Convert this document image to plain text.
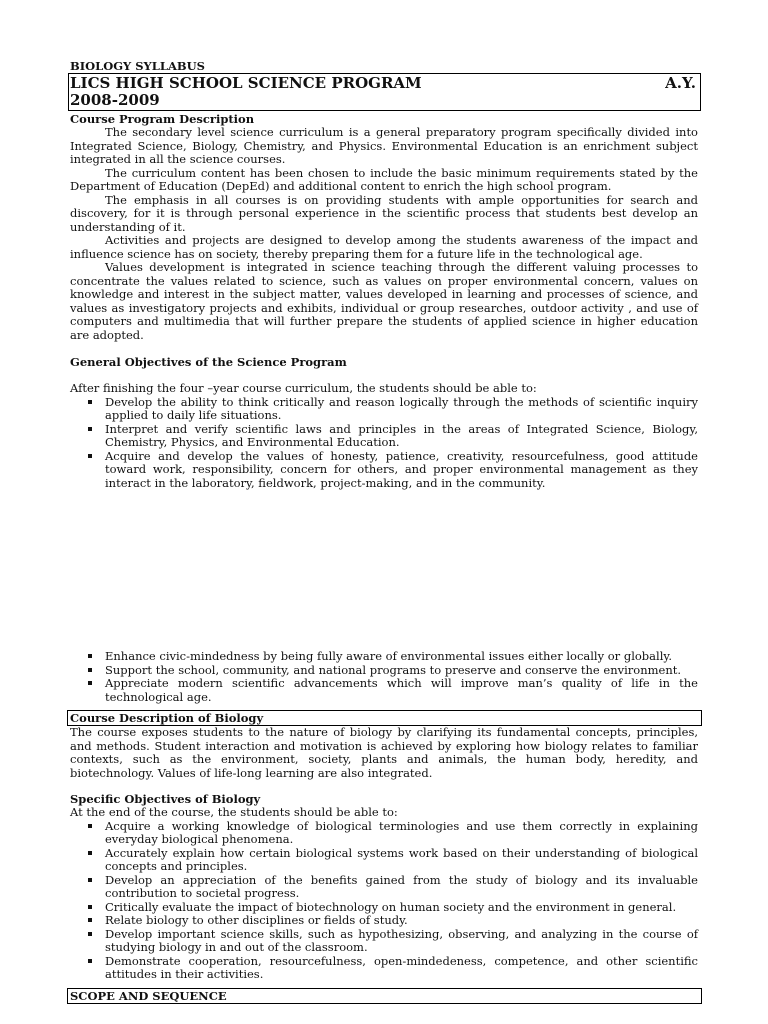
BIOLOGY SYLLABUS
LICS HIGH SCHOOL SCIENCE PROGRAM	A.Y.
2008-2009
Course Program Description

The secondary level science curriculum is a general preparatory program specifically divided into Integrated Science, Biology, Chemistry, and Physics. Environmental Education is an enrichment subject integrated in all the science courses.

The curriculum content has been chosen to include the basic minimum requirements stated by the Department of Education (DepEd) and additional content to enrich the high school program.

The emphasis in all courses is on providing students with ample opportunities for search and discovery, for it is through personal experience in the scientific process that students best develop an understanding of it.

Activities and projects are designed to develop among the students awareness of the impact and influence science has on society, thereby preparing them for a future life in the technological age.

Values development is integrated in science teaching through the different valuing processes to concentrate the values related to science, such as values on proper environmental concern, values on knowledge and interest in the subject matter, values developed in learning and processes of science, and values as investigatory projects and exhibits, individual or group researches, outdoor activity , and use of computers and multimedia that will further prepare the students of applied science in higher education are adopted.

General Objectives of the Science Program

After finishing the four –year course curriculum, the students should be able to:

Develop the ability to think critically and reason logically through the methods of scientific inquiry applied to daily life situations.
Interpret and verify scientific laws and principles in the areas of Integrated Science, Biology, Chemistry, Physics, and Environmental Education.
Acquire and develop the values of honesty, patience, creativity, resourcefulness, good attitude toward work, responsibility, concern for others, and proper environmental management as they interact in the laboratory, fieldwork, project-making, and in the community.
Enhance civic-mindedness by being fully aware of environmental issues either locally or globally.
Support the school, community, and national programs to preserve and conserve the environment.
Appreciate modern scientific advancements which will improve man’s quality of life in the technological age.
Course Description of Biology

The course exposes students to the nature of biology by clarifying its fundamental concepts, principles, and methods. Student interaction and motivation is achieved by exploring how biology relates to familiar contexts, such as the environment, society, plants and animals, the human body, heredity, and biotechnology. Values of life-long learning are also integrated.

Specific Objectives of Biology

At the end of the course, the students should be able to:

Acquire a working knowledge of biological terminologies and use them correctly in explaining everyday biological phenomena.
Accurately explain how certain biological systems work based on their understanding of biological concepts and principles.
Develop an appreciation of the benefits gained from the study of biology and its invaluable contribution to societal progress.
Critically evaluate the impact of biotechnology on human society and the environment in general.
Relate biology to other disciplines or fields of study.
Develop important science skills, such as hypothesizing, observing, and analyzing in the course of studying biology in and out of the classroom.
Demonstrate cooperation, resourcefulness, open-mindedeness, competence, and other scientific attitudes in their activities.
SCOPE AND SEQUENCE
